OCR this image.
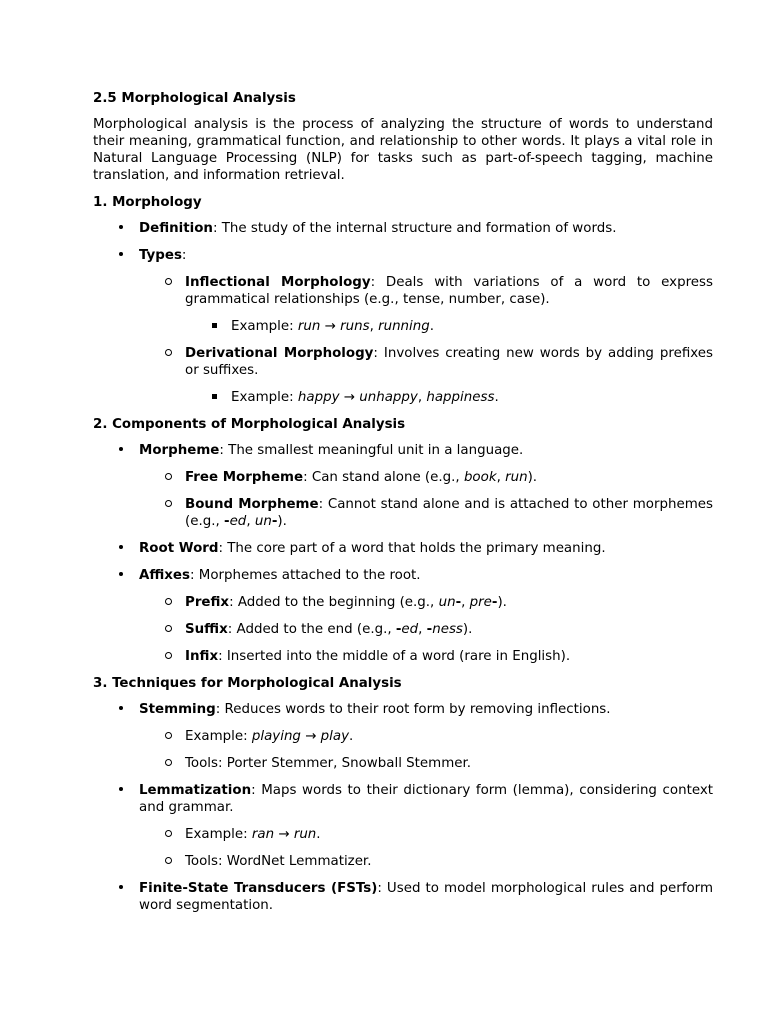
2.5 Morphological Analysis

Morphological analysis is the process of analyzing the structure of words to understand their meaning, grammatical function, and relationship to other words. It plays a vital role in Natural Language Processing (NLP) for tasks such as part-of-speech tagging, machine translation, and information retrieval.

1. Morphology

Definition: The study of the internal structure and formation of words.
Types:
Inflectional Morphology: Deals with variations of a word to express grammatical relationships (e.g., tense, number, case).
Example: run → runs, running.
Derivational Morphology: Involves creating new words by adding prefixes or suffixes.
Example: happy → unhappy, happiness.

2. Components of Morphological Analysis

Morpheme: The smallest meaningful unit in a language.
Free Morpheme: Can stand alone (e.g., book, run).
Bound Morpheme: Cannot stand alone and is attached to other morphemes (e.g., -ed, un-).
Root Word: The core part of a word that holds the primary meaning.
Affixes: Morphemes attached to the root.
Prefix: Added to the beginning (e.g., un-, pre-).
Suffix: Added to the end (e.g., -ed, -ness).
Infix: Inserted into the middle of a word (rare in English).

3. Techniques for Morphological Analysis

Stemming: Reduces words to their root form by removing inflections.
Example: playing → play.
Tools: Porter Stemmer, Snowball Stemmer.
Lemmatization: Maps words to their dictionary form (lemma), considering context and grammar.
Example: ran → run.
Tools: WordNet Lemmatizer.
Finite-State Transducers (FSTs): Used to model morphological rules and perform word segmentation.
